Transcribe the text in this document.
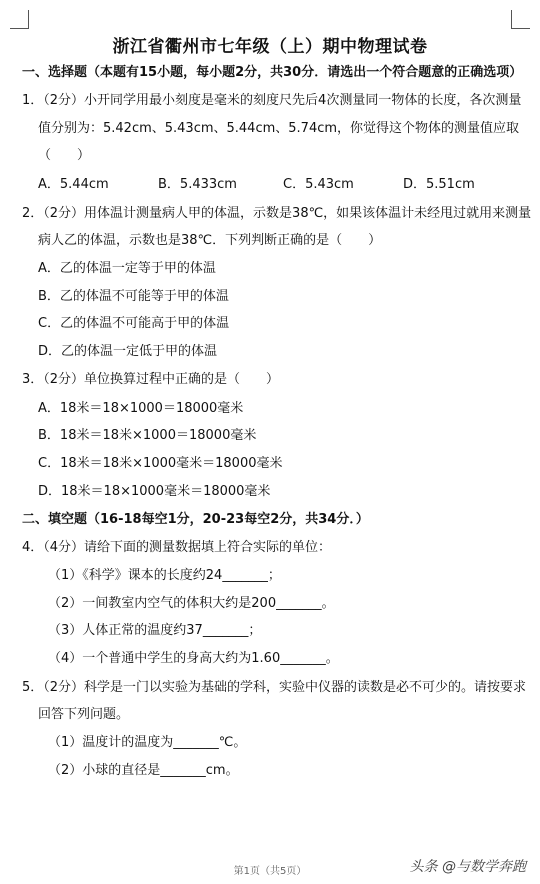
浙江省衢州市七年级（上）期中物理试卷
一、选择题（本题有15小题，每小题2分，共30分．请选出一个符合题意的正确选项）
1．（2分）小开同学用最小刻度是毫米的刻度尺先后4次测量同一物体的长度，各次测量
值分别为：5.42cm、5.43cm、5.44cm、5.74cm，你觉得这个物体的测量值应取
（　　）
A．5.44cm	B．5.433cm	C．5.43cm	D．5.51cm
2．（2分）用体温计测量病人甲的体温，示数是38℃，如果该体温计未经甩过就用来测量
病人乙的体温，示数也是38℃．下列判断正确的是（　　）
A．乙的体温一定等于甲的体温
B．乙的体温不可能等于甲的体温
C．乙的体温不可能高于甲的体温
D．乙的体温一定低于甲的体温
3．（2分）单位换算过程中正确的是（　　）
A．18米＝18×1000＝18000毫米
B．18米＝18米×1000＝18000毫米
C．18米＝18米×1000毫米＝18000毫米
D．18米＝18×1000毫米＝18000毫米
二、填空题（16-18每空1分，20-23每空2分，共34分．）
4．（4分）请给下面的测量数据填上符合实际的单位：
（1）《科学》课本的长度约24_______；
（2）一间教室内空气的体积大约是200_______。
（3）人体正常的温度约37_______；
（4）一个普通中学生的身高大约为1.60_______。
5．（2分）科学是一门以实验为基础的学科，实验中仪器的读数是必不可少的。请按要求
回答下列问题。
（1）温度计的温度为_______℃。
（2）小球的直径是_______cm。
第1页（共5页）	头条 @与数学奔跑
